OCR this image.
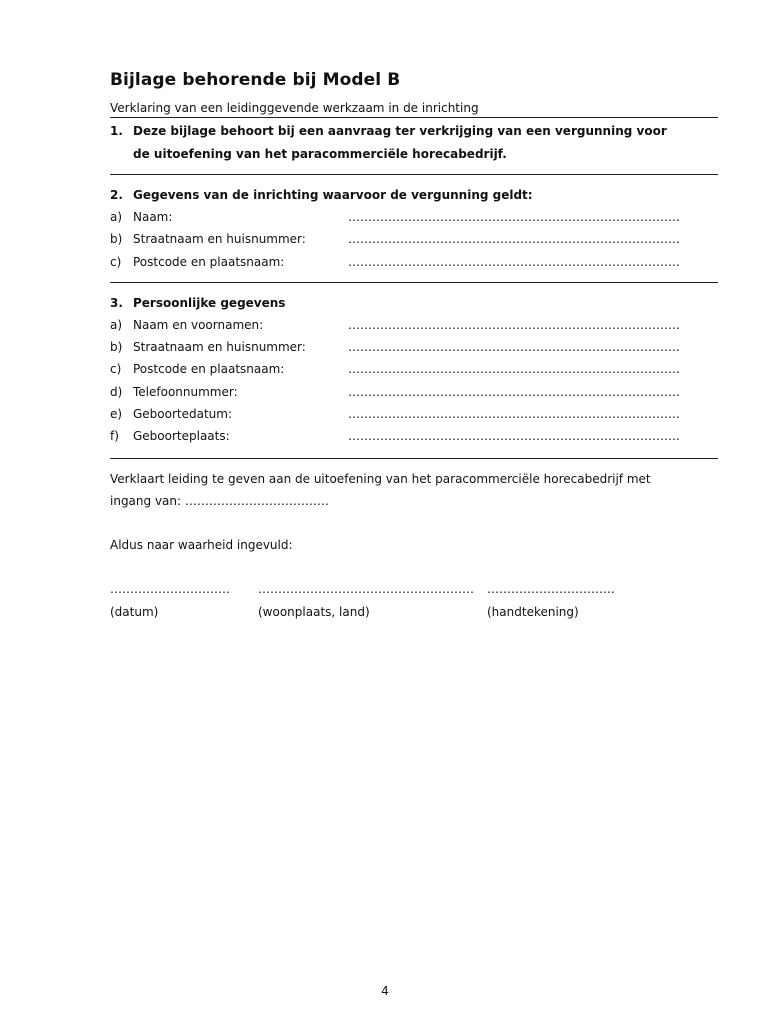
Bijlage behorende bij Model B
Verklaring van een leidinggevende werkzaam in de inrichting
1. Deze bijlage behoort bij een aanvraag ter verkrijging van een vergunning voor
de uitoefening van het paracommerciële horecabedrijf.
2. Gegevens van de inrichting waarvoor de vergunning geldt:
a) Naam:	………………………………………………………………………..
b) Straatnaam en huisnummer:	………………………………………………………………………..
c) Postcode en plaatsnaam:	………………………………………………………………………..
3. Persoonlijke gegevens
a) Naam en voornamen:	………………………………………………………………………..
b) Straatnaam en huisnummer:	………………………………………………………………………..
c) Postcode en plaatsnaam:	………………………………………………………………………..
d) Telefoonnummer:	………………………………………………………………………..
e) Geboortedatum:	………………………………………………………………………..
f)	Geboorteplaats:	………………………………………………………………………..
Verklaart leiding te geven aan de uitoefening van het paracommerciële horecabedrijf met
ingang van: ………………………………
Aldus naar waarheid ingevuld:
…………………………	………………………………………………	…………………………..
(datum)	(woonplaats, land)	(handtekening)
4
